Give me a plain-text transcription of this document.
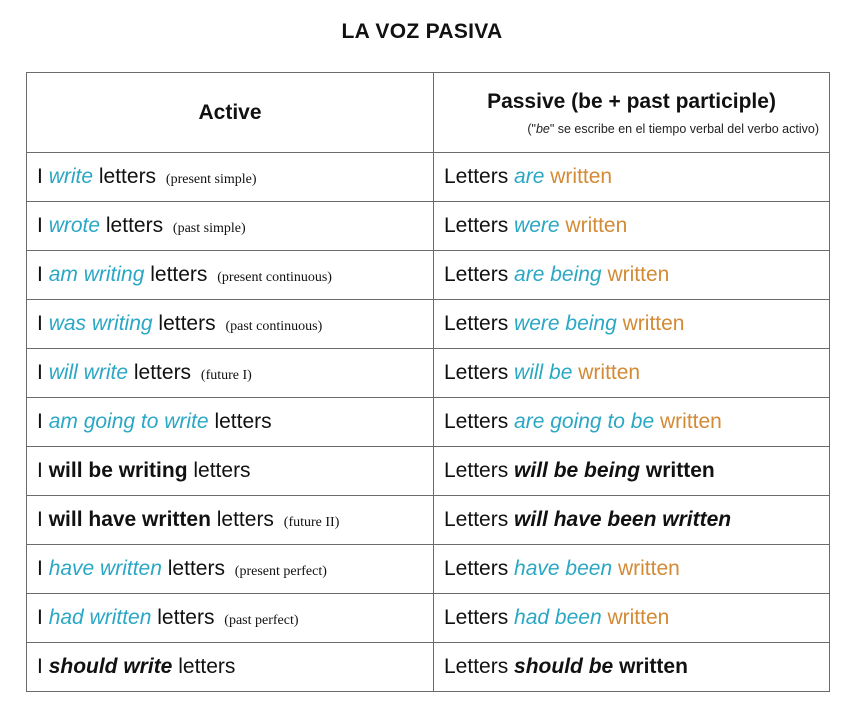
LA VOZ PASIVA
Active	Passive (be + past participle)
("be" se escribe en el tiempo verbal del verbo activo)

I write letters (present simple)	Letters are written
I wrote letters (past simple)	Letters were written
I am writing letters (present continuous)	Letters are being written
I was writing letters (past continuous)	Letters were being written
I will write letters (future I)	Letters will be written
I am going to write letters	Letters are going to be written
I will be writing letters	Letters will be being written
I will have written letters (future II)	Letters will have been written
I have written letters (present perfect)	Letters have been written
I had written letters (past perfect)	Letters had been written
I should write letters	Letters should be written
